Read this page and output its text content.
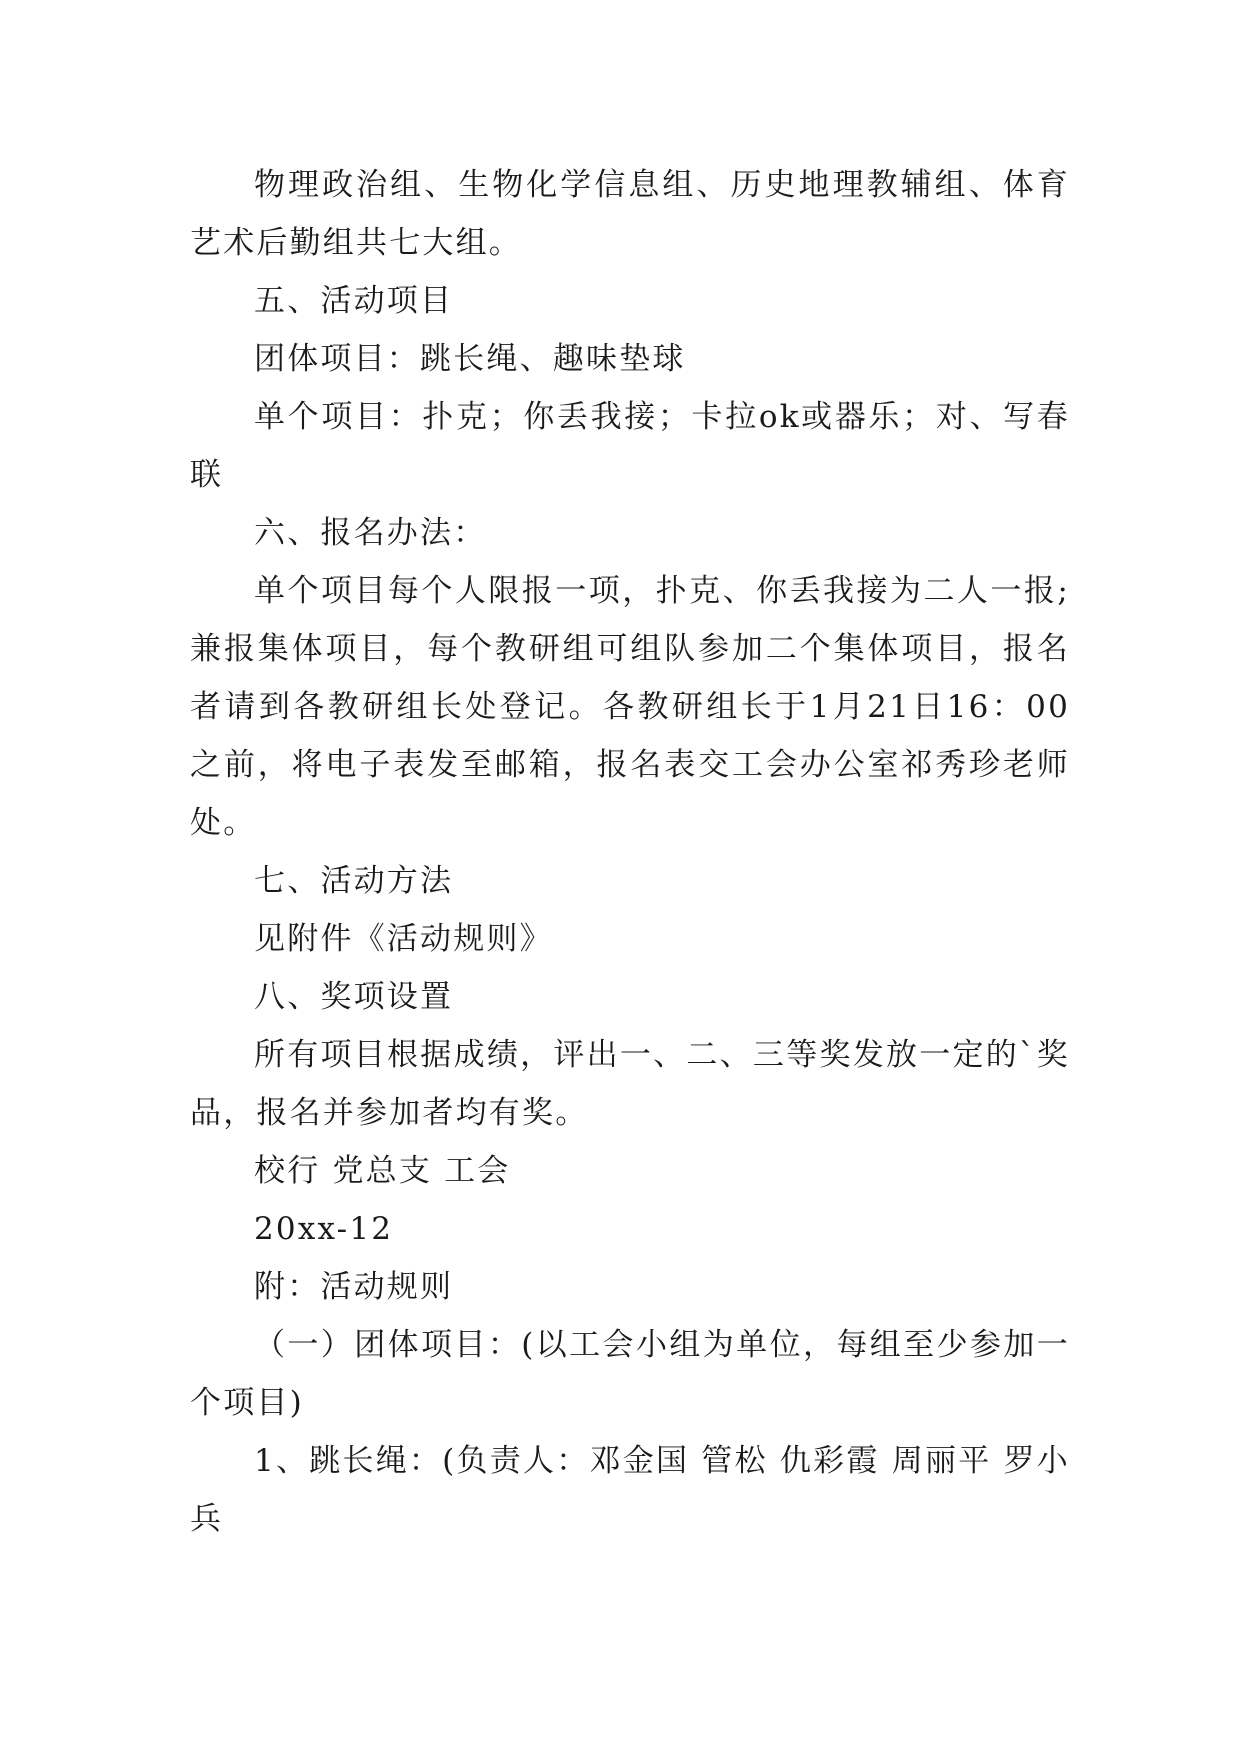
物理政治组、生物化学信息组、历史地理教辅组、体育艺术后勤组共七大组。

五、活动项目

团体项目：跳长绳、趣味垫球

单个项目：扑克；你丢我接；卡拉ok或器乐；对、写春联

六、报名办法：

单个项目每个人限报一项，扑克、你丢我接为二人一报;兼报集体项目，每个教研组可组队参加二个集体项目，报名者请到各教研组长处登记。各教研组长于1月21日16：00之前，将电子表发至邮箱，报名表交工会办公室祁秀珍老师处。

七、活动方法

见附件《活动规则》

八、奖项设置

所有项目根据成绩，评出一、二、三等奖发放一定的`奖品，报名并参加者均有奖。

校行 党总支 工会

20xx-12

附：活动规则

（一）团体项目：(以工会小组为单位，每组至少参加一个项目)

1、跳长绳：(负责人：邓金国 管松 仇彩霞 周丽平 罗小兵
